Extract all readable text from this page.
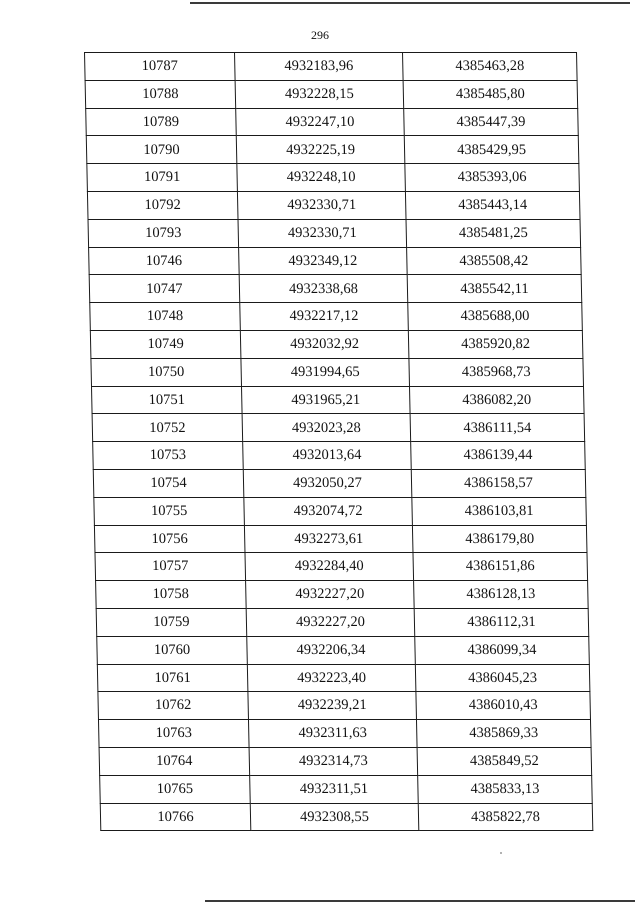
296
10787	4932183,96	4385463,28
10788	4932228,15	4385485,80
10789	4932247,10	4385447,39
10790	4932225,19	4385429,95
10791	4932248,10	4385393,06
10792	4932330,71	4385443,14
10793	4932330,71	4385481,25
10746	4932349,12	4385508,42
10747	4932338,68	4385542,11
10748	4932217,12	4385688,00
10749	4932032,92	4385920,82
10750	4931994,65	4385968,73
10751	4931965,21	4386082,20
10752	4932023,28	4386111,54
10753	4932013,64	4386139,44
10754	4932050,27	4386158,57
10755	4932074,72	4386103,81
10756	4932273,61	4386179,80
10757	4932284,40	4386151,86
10758	4932227,20	4386128,13
10759	4932227,20	4386112,31
10760	4932206,34	4386099,34
10761	4932223,40	4386045,23
10762	4932239,21	4386010,43
10763	4932311,63	4385869,33
10764	4932314,73	4385849,52
10765	4932311,51	4385833,13
10766	4932308,55	4385822,78
